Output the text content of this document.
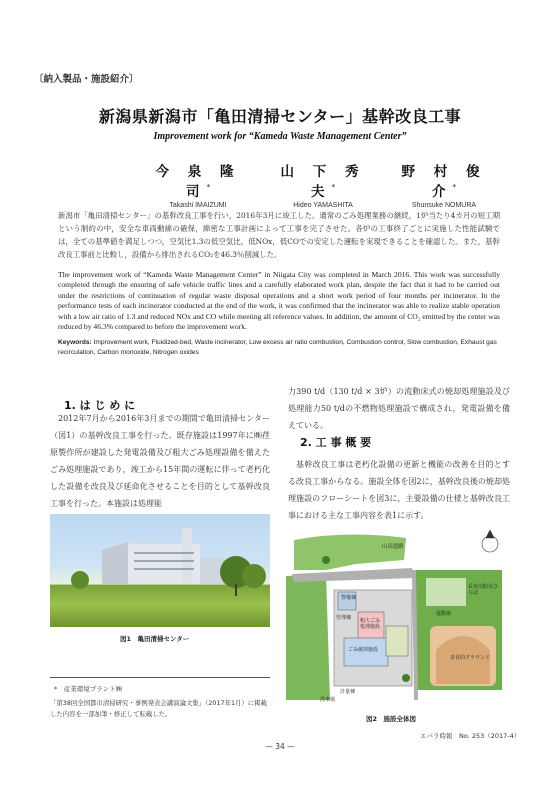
〔納入製品・施設紹介〕
新潟県新潟市「亀田清掃センター」基幹改良工事
Improvement work for “Kameda Waste Management Center”
今 泉 隆 司*
Takashi IMAIZUMI
山 下 秀 夫*
Hideo YAMASHITA
野 村 俊 介*
Shunsuke NOMURA
新潟市「亀田清掃センター」の基幹改良工事を行い，2016年3月に竣工した。通常のごみ処理業務の継続，1炉当たり4カ月の短工期という制約の中，安全な車両動線の確保，綿密な工事計画によって工事を完了させた。各炉の工事終了ごとに実施した性能試験では，全ての基準値を満足しつつ，空気比1.3の低空気比，低NOx，低COでの安定した運転を実現できることを確認した。また，基幹改良工事前と比較し，設備から排出されるCO₂を46.3％削減した。
The improvement work of “Kameda Waste Management Center” in Niigata City was completed in March 2016. This work was successfully completed through the ensuring of safe vehicle traffic lines and a carefully elaborated work plan, despite the fact that it had to be carried out under the restrictions of continuation of regular waste disposal operations and a short work period of four months per incinerator. In the performance tests of each incinerator conducted at the end of the work, it was confirmed that the incinerator was able to realize stable operation with a low air ratio of 1.3 and reduced NOx and CO while meeting all reference values. In addition, the amount of CO₂ emitted by the center was reduced by 46.3% compared to before the improvement work.
Keywords: Improvement work, Fluidized-bed, Waste incinerator, Low excess air ratio combustion, Combustion control, Slow combustion, Exhaust gas recirculation, Carbon monoxide, Nitrogen oxides
1. は じ め に
2012年7月から2016年3月までの期間で亀田清掃センター（図1）の基幹改良工事を行った。既存施設は1997年に㈱荏原製作所が建設した発電設備及び粗大ごみ処理設備を備えたごみ処理施設であり，竣工から15年間の運転に伴って老朽化した設備を改良及び延命化させることを目的として基幹改良工事を行った。本施設は処理能
図1　亀田清掃センター
*　産業環境プラント㈱
「第38回全国都市清掃研究・事例発表会講演論文集」（2017年1月）に掲載した内容を一部加筆・修正して転載した。
力390 t/d（130 t/d × 3炉）の流動床式の焼却処理施設及び処理能力50 t/dの不燃物処理施設で構成され，発電設備を備えている。
2. 工 事 概 要
基幹改良工事は老朽化設備の更新と機能の改善を目的とする改良工事からなる。施設全体を図2に，基幹改良後の焼却処理施設のフローシートを図3に，主要設備の仕様と基幹改良工事における主な工事内容を表1に示す。
山田道路
警備棟
管理棟 粗大ごみ処理施設
ごみ焼却施設
計量棟
洗車場
長谷川防災ひろば
多目的グラウンド
運動場
図2　施設全体図
エバラ時報　No. 253（2017-4）
— 34 —
